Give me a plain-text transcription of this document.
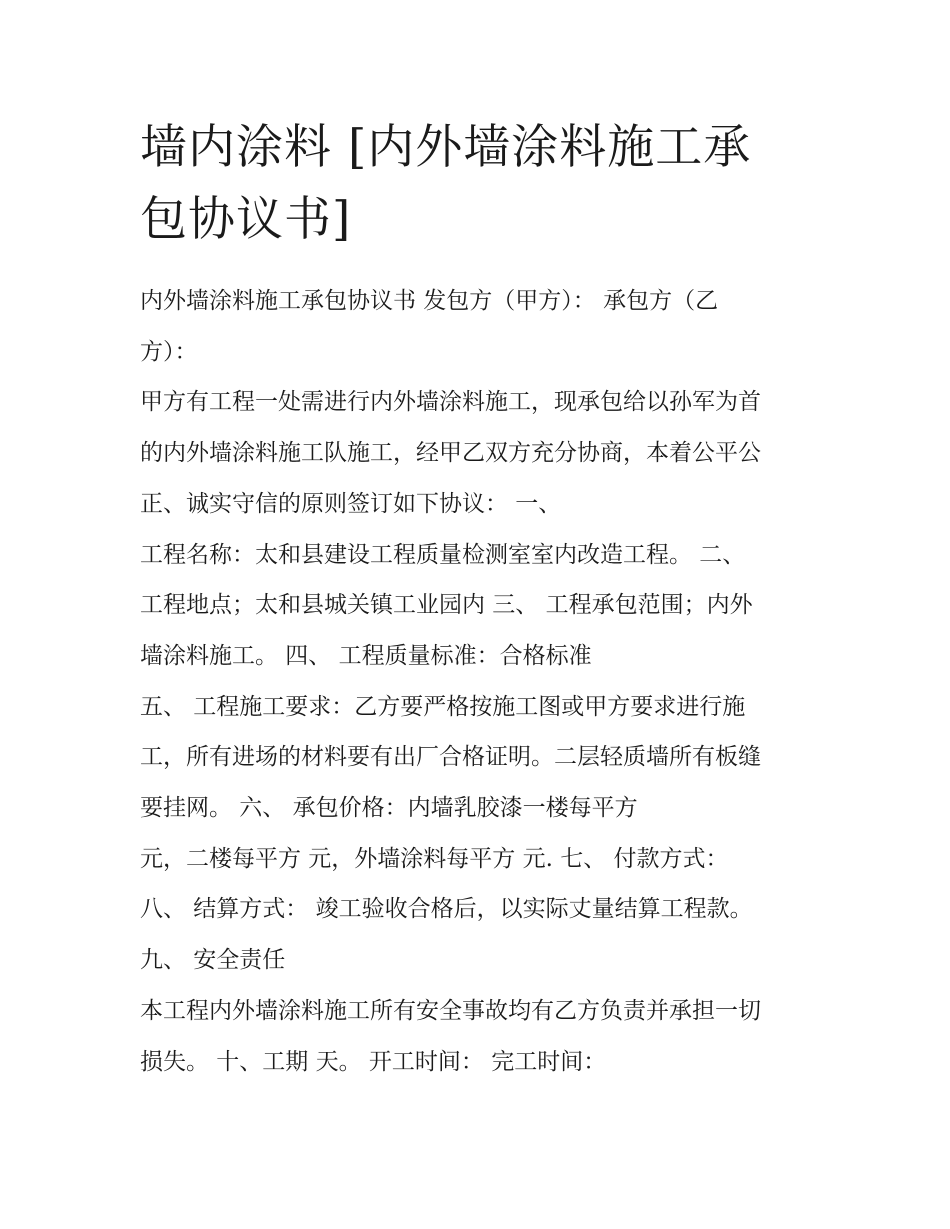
墙内涂料 [内外墙涂料施工承
包协议书]
内外墙涂料施工承包协议书 发包方（甲方）： 承包方（乙
方）：
甲方有工程一处需进行内外墙涂料施工，现承包给以孙军为首
的内外墙涂料施工队施工，经甲乙双方充分协商，本着公平公
正、诚实守信的原则签订如下协议： 一、
工程名称：太和县建设工程质量检测室室内改造工程。 二、
工程地点；太和县城关镇工业园内 三、 工程承包范围；内外
墙涂料施工。 四、 工程质量标准：合格标准
五、 工程施工要求：乙方要严格按施工图或甲方要求进行施
工，所有进场的材料要有出厂合格证明。二层轻质墙所有板缝
要挂网。 六、 承包价格：内墙乳胶漆一楼每平方
元，二楼每平方 元，外墙涂料每平方 元. 七、 付款方式：
八、 结算方式： 竣工验收合格后，以实际丈量结算工程款。
九、 安全责任
本工程内外墙涂料施工所有安全事故均有乙方负责并承担一切
损失。 十、工期 天。 开工时间： 完工时间：
